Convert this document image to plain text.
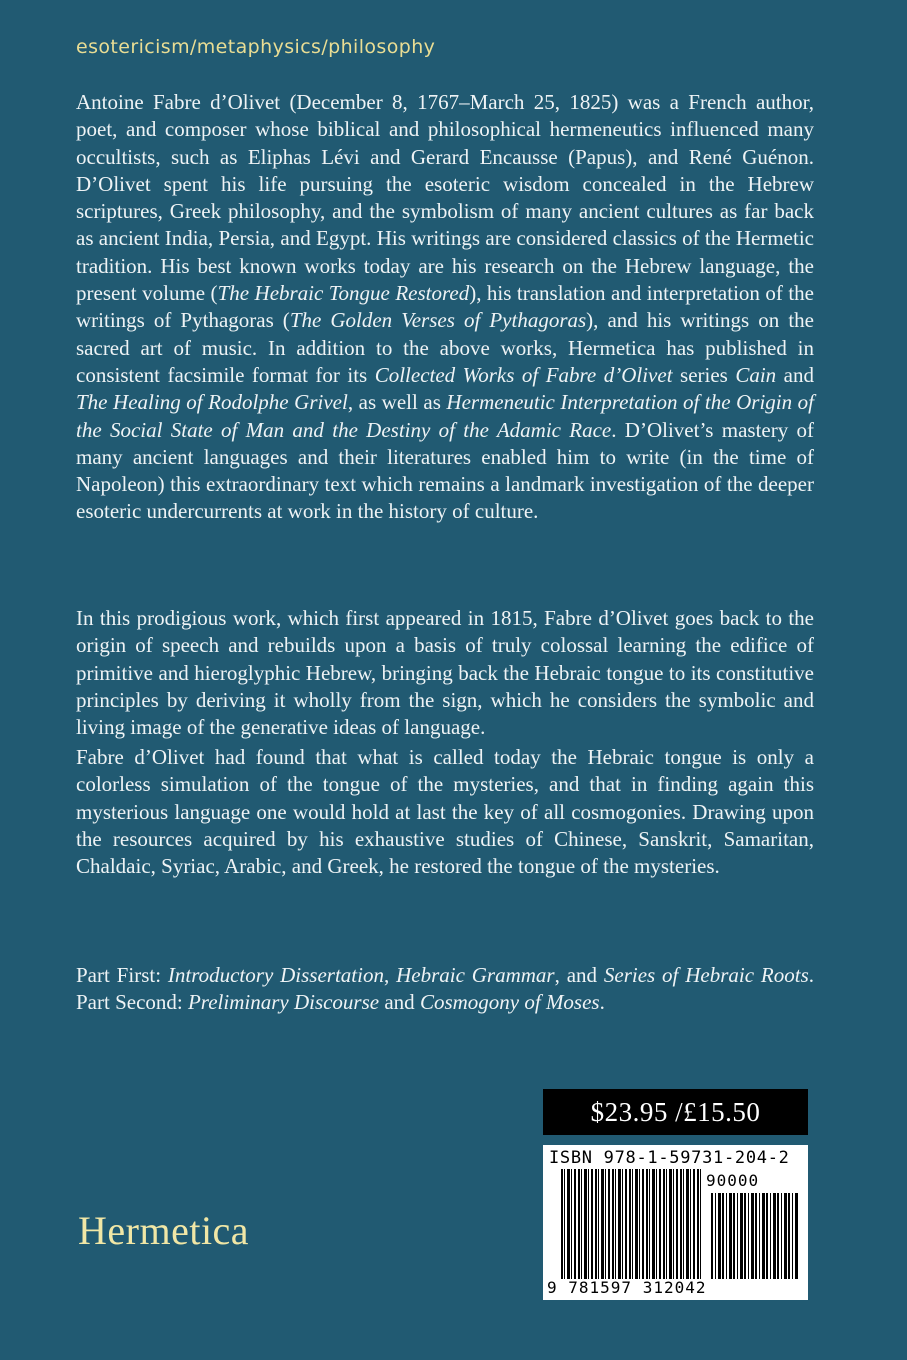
esotericism/metaphysics/philosophy

Antoine Fabre d’Olivet (December 8, 1767–March 25, 1825) was a French author, poet, and composer whose biblical and philosophical hermeneutics influenced many occultists, such as Eliphas Lévi and Gerard Encausse (Papus), and René Guénon. D’Olivet spent his life pursuing the esoteric wisdom concealed in the Hebrew scriptures, Greek philosophy, and the symbolism of many ancient cultures as far back as ancient India, Persia, and Egypt. His writings are considered classics of the Hermetic tradition. His best known works today are his research on the Hebrew language, the present volume (The Hebraic Tongue Restored), his translation and interpretation of the writings of Pythagoras (The Golden Verses of Pythagoras), and his writings on the sacred art of music. In addition to the above works, Hermetica has published in consistent facsimile format for its Collected Works of Fabre d’Olivet series Cain and The Healing of Rodolphe Grivel, as well as Hermeneutic Interpretation of the Origin of the Social State of Man and the Destiny of the Adamic Race. D’Olivet’s mastery of many ancient languages and their literatures enabled him to write (in the time of Napoleon) this extraordinary text which remains a landmark investigation of the deeper esoteric undercurrents at work in the history of culture.

In this prodigious work, which first appeared in 1815, Fabre d’Olivet goes back to the origin of speech and rebuilds upon a basis of truly colossal learning the edifice of primitive and hieroglyphic Hebrew, bringing back the Hebraic tongue to its constitutive principles by deriving it wholly from the sign, which he considers the symbolic and living image of the generative ideas of language.

Fabre d’Olivet had found that what is called today the Hebraic tongue is only a colorless simulation of the tongue of the mysteries, and that in finding again this mysterious language one would hold at last the key of all cosmogonies. Drawing upon the resources acquired by his exhaustive studies of Chinese, Sanskrit, Samaritan, Chaldaic, Syriac, Arabic, and Greek, he restored the tongue of the mysteries.

Part First: Introductory Dissertation, Hebraic Grammar, and Series of Hebraic Roots. Part Second: Preliminary Discourse and Cosmogony of Moses.

Hermetica
$23.95 /£15.50
ISBN 978-1-59731-204-2
90000
9 781597 312042
